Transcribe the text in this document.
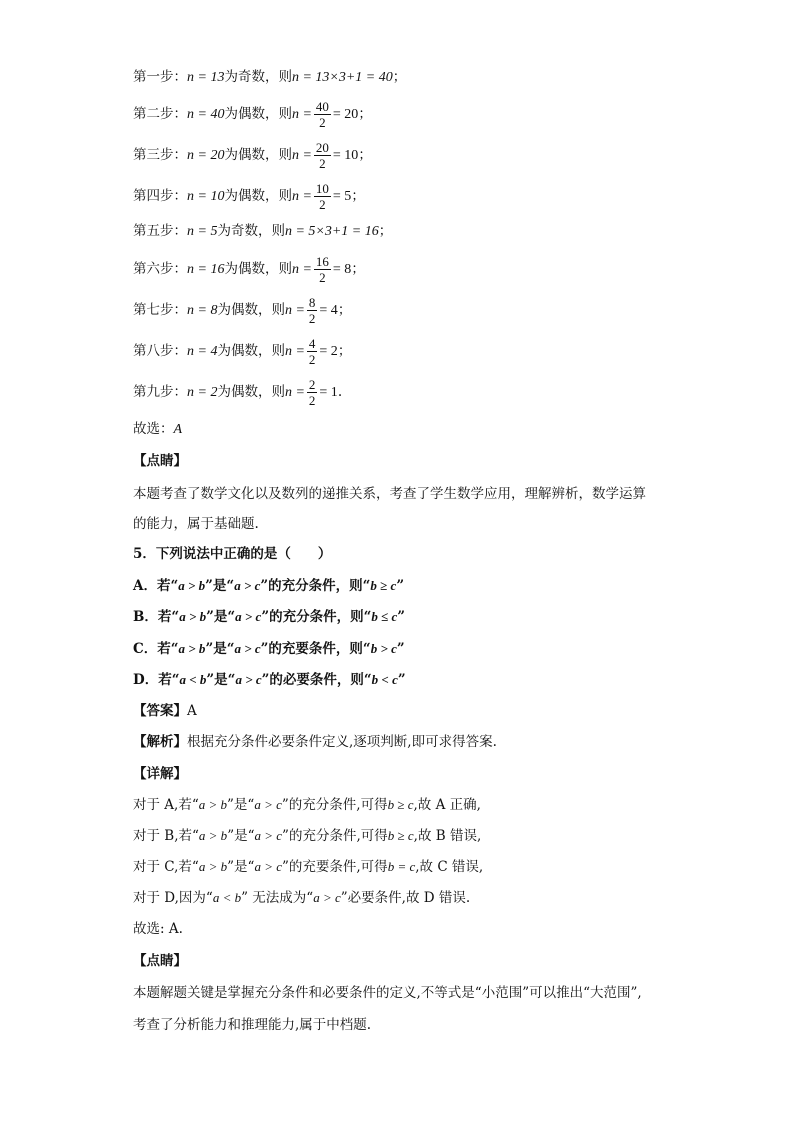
第一步：n = 13为奇数，则n = 13×3+1 = 40；
第二步：n = 40为偶数，则$n = \frac{40}{2} = 20$；
第三步：n = 20为偶数，则$n = \frac{20}{2} = 10$；
第四步：n = 10为偶数，则$n = \frac{10}{2} = 5$；
第五步：n = 5为奇数，则n = 5×3+1 = 16；
第六步：n = 16为偶数，则$n = \frac{16}{2} = 8$；
第七步：n = 8为偶数，则$n = \frac{8}{2} = 4$；
第八步：n = 4为偶数，则$n = \frac{4}{2} = 2$；
第九步：n = 2为偶数，则$n = \frac{2}{2} = 1$.
故选：A
【点睛】
本题考查了数学文化以及数列的递推关系，考查了学生数学应用，理解辨析，数学运算
的能力，属于基础题.
5．下列说法中正确的是（　　）
A．若“a > b”是“a > c”的充分条件，则“b ≥ c”
B．若“a > b”是“a > c”的充分条件，则“b ≤ c”
C．若“a > b”是“a > c”的充要条件，则“b > c”
D．若“a < b”是“a > c”的必要条件，则“b < c”
【答案】A
【解析】根据充分条件必要条件定义,逐项判断,即可求得答案.
【详解】
对于 A,若“a > b”是“a > c”的充分条件,可得b ≥ c,故 A 正确,
对于 B,若“a > b”是“a > c”的充分条件,可得b ≥ c,故 B 错误,
对于 C,若“a > b”是“a > c”的充要条件,可得b = c,故 C 错误,
对于 D,因为“a < b” 无法成为“a > c”必要条件,故 D 错误.
故选: A.
【点睛】
本题解题关键是掌握充分条件和必要条件的定义,不等式是“小范围”可以推出“大范围”,
考查了分析能力和推理能力,属于中档题.
